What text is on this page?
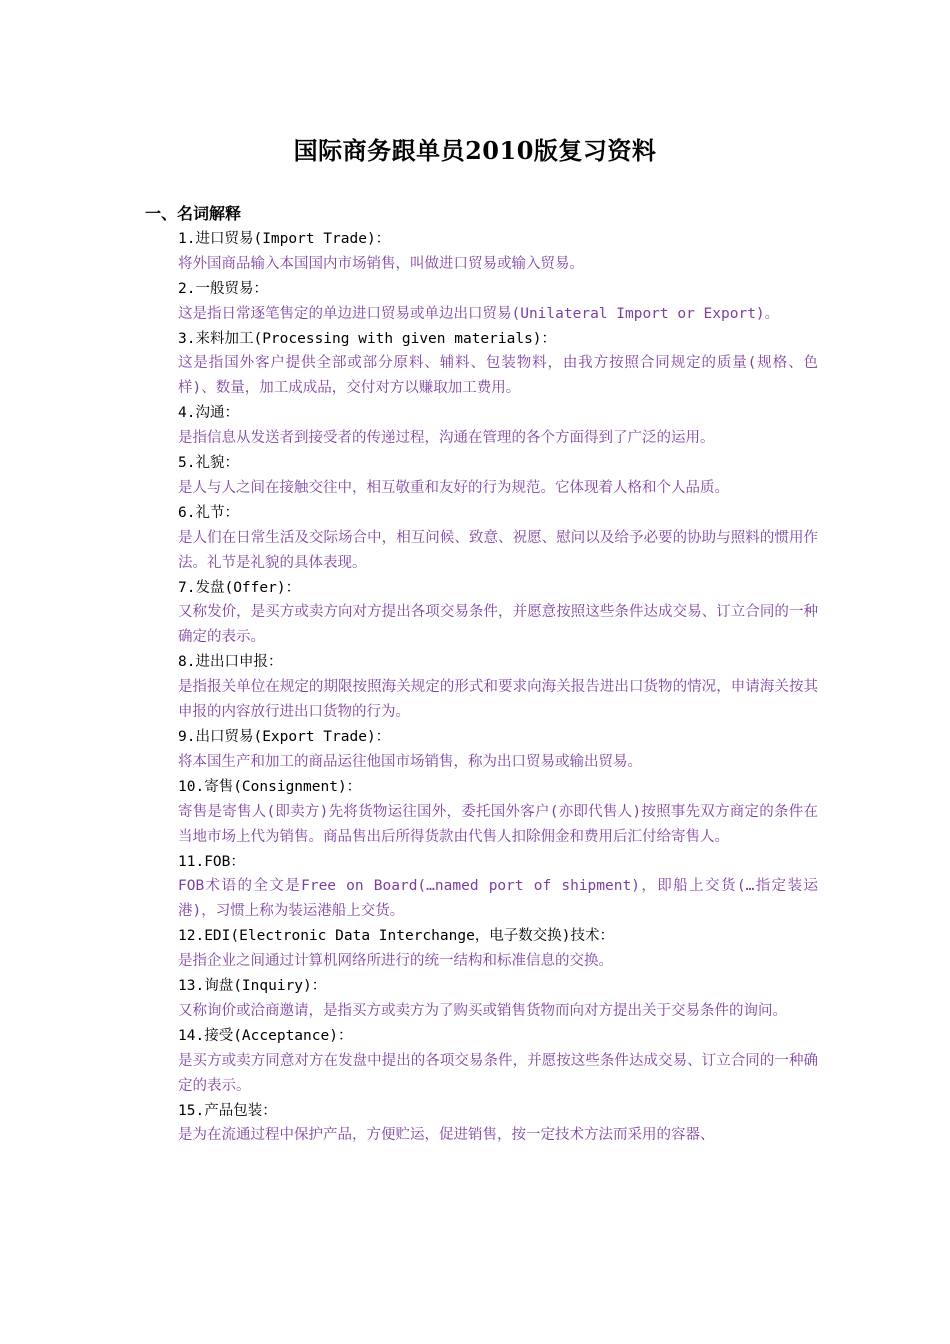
国际商务跟单员2010版复习资料
一、名词解释
1.进口贸易(Import Trade)：
将外国商品输入本国国内市场销售，叫做进口贸易或输入贸易。
2.一般贸易：
这是指日常逐笔售定的单边进口贸易或单边出口贸易(Unilateral Import or Export)。
3.来料加工(Processing with given materials)：
这是指国外客户提供全部或部分原料、辅料、包装物料，由我方按照合同规定的质量(规格、色样)、数量，加工成成品，交付对方以赚取加工费用。
4.沟通：
是指信息从发送者到接受者的传递过程，沟通在管理的各个方面得到了广泛的运用。
5.礼貌：
是人与人之间在接触交往中，相互敬重和友好的行为规范。它体现着人格和个人品质。
6.礼节：
是人们在日常生活及交际场合中，相互问候、致意、祝愿、慰问以及给予必要的协助与照料的惯用作法。礼节是礼貌的具体表现。
7.发盘(Offer)：
又称发价，是买方或卖方向对方提出各项交易条件，并愿意按照这些条件达成交易、订立合同的一种确定的表示。
8.进出口申报：
是指报关单位在规定的期限按照海关规定的形式和要求向海关报告进出口货物的情况，申请海关按其申报的内容放行进出口货物的行为。
9.出口贸易(Export Trade)：
将本国生产和加工的商品运往他国市场销售，称为出口贸易或输出贸易。
10.寄售(Consignment)：
寄售是寄售人(即卖方)先将货物运往国外，委托国外客户(亦即代售人)按照事先双方商定的条件在当地市场上代为销售。商品售出后所得货款由代售人扣除佣金和费用后汇付给寄售人。
11.FOB：
FOB术语的全文是Free on Board(…named port of shipment)，即船上交货(…指定装运港)，习惯上称为装运港船上交货。
12.EDI(Electronic Data Interchange，电子数交换)技术：
是指企业之间通过计算机网络所进行的统一结构和标准信息的交换。
13.询盘(Inquiry)：
又称询价或洽商邀请，是指买方或卖方为了购买或销售货物而向对方提出关于交易条件的询问。
14.接受(Acceptance)：
是买方或卖方同意对方在发盘中提出的各项交易条件，并愿按这些条件达成交易、订立合同的一种确定的表示。
15.产品包装：
是为在流通过程中保护产品，方便贮运，促进销售，按一定技术方法而采用的容器、
